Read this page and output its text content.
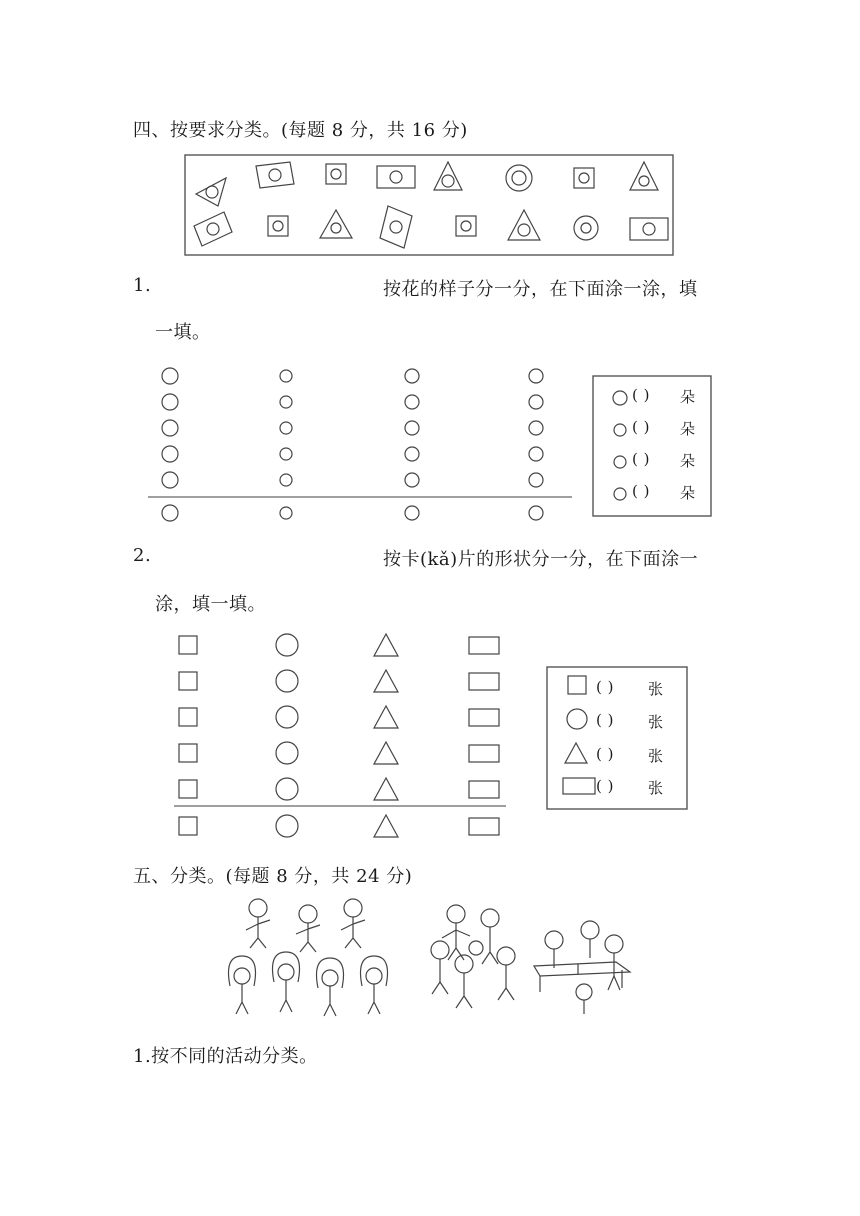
四、按要求分类。(每题 8 分，共 16 分)
1.	按花的样子分一分，在下面涂一涂，填
一填。
( ) 朵
( ) 朵
( ) 朵
( ) 朵
2.	按卡(kǎ)片的形状分一分，在下面涂一
涂，填一填。
( ) 张
( ) 张
( ) 张
( ) 张
五、分类。(每题 8 分，共 24 分)
1.按不同的活动分类。
